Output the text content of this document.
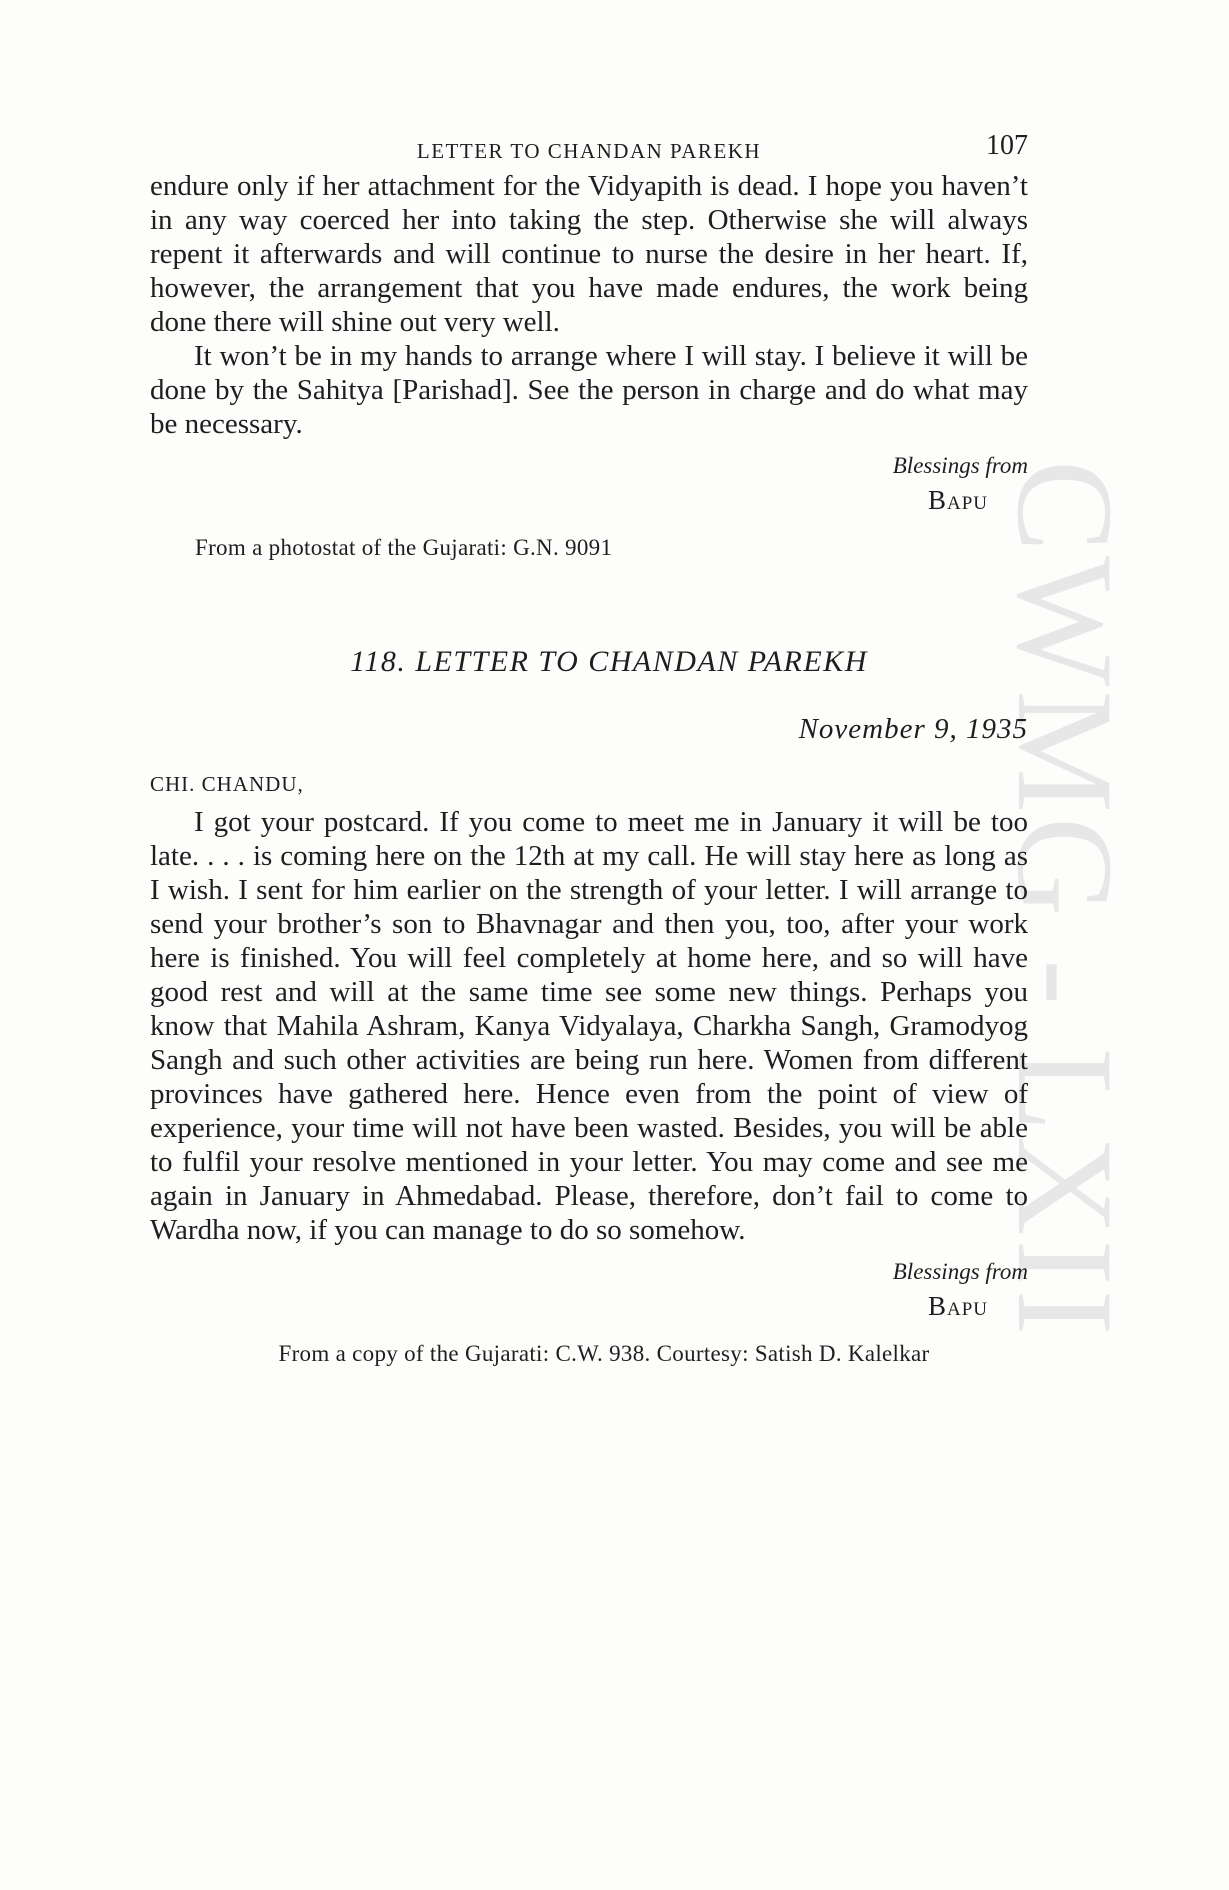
CWMG - LXII
LETTER TO CHANDAN PAREKH	107

endure only if her attachment for the Vidyapith is dead. I hope you haven’t in any way coerced her into taking the step. Otherwise she will always repent it afterwards and will continue to nurse the desire in her heart. If, however, the arrangement that you have made endures, the work being done there will shine out very well.

It won’t be in my hands to arrange where I will stay. I believe it will be done by the Sahitya [Parishad]. See the person in charge and do what may be necessary.

Blessings from
Bapu
From a photostat of the Gujarati: G.N. 9091
118. LETTER TO CHANDAN PAREKH
November 9, 1935
CHI. CHANDU,

I got your postcard. If you come to meet me in January it will be too late. . . . is coming here on the 12th at my call. He will stay here as long as I wish. I sent for him earlier on the strength of your letter. I will arrange to send your brother’s son to Bhavnagar and then you, too, after your work here is finished. You will feel completely at home here, and so will have good rest and will at the same time see some new things. Perhaps you know that Mahila Ashram, Kanya Vidyalaya, Charkha Sangh, Gramodyog Sangh and such other activities are being run here. Women from different provinces have gathered here. Hence even from the point of view of experience, your time will not have been wasted. Besides, you will be able to fulfil your resolve mentioned in your letter. You may come and see me again in January in Ahmedabad. Please, therefore, don’t fail to come to Wardha now, if you can manage to do so somehow.

Blessings from
Bapu
From a copy of the Gujarati: C.W. 938. Courtesy: Satish D. Kalelkar
